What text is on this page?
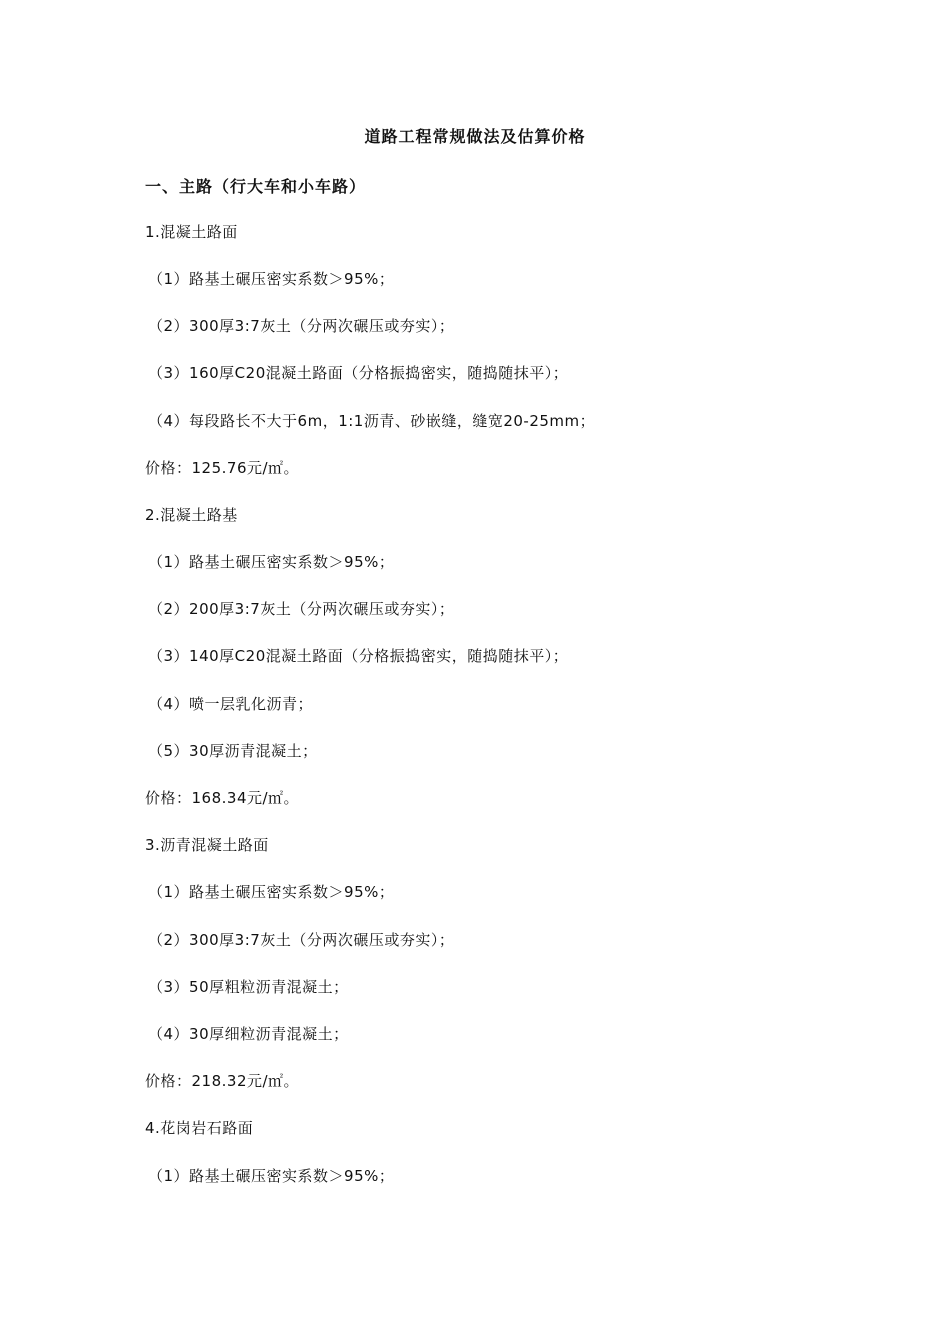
道路工程常规做法及估算价格
一、主路（行大车和小车路）
1.混凝土路面
（1）路基土碾压密实系数＞95%；
（2）300厚3:7灰土（分两次碾压或夯实）；
（3）160厚C20混凝土路面（分格振捣密实，随捣随抹平）；
（4）每段路长不大于6m，1:1沥青、砂嵌缝，缝宽20-25mm；
价格：125.76元/㎡。
2.混凝土路基
（1）路基土碾压密实系数＞95%；
（2）200厚3:7灰土（分两次碾压或夯实）；
（3）140厚C20混凝土路面（分格振捣密实，随捣随抹平）；
（4）喷一层乳化沥青；
（5）30厚沥青混凝土；
价格：168.34元/㎡。
3.沥青混凝土路面
（1）路基土碾压密实系数＞95%；
（2）300厚3:7灰土（分两次碾压或夯实）；
（3）50厚粗粒沥青混凝土；
（4）30厚细粒沥青混凝土；
价格：218.32元/㎡。
4.花岗岩石路面
（1）路基土碾压密实系数＞95%；
